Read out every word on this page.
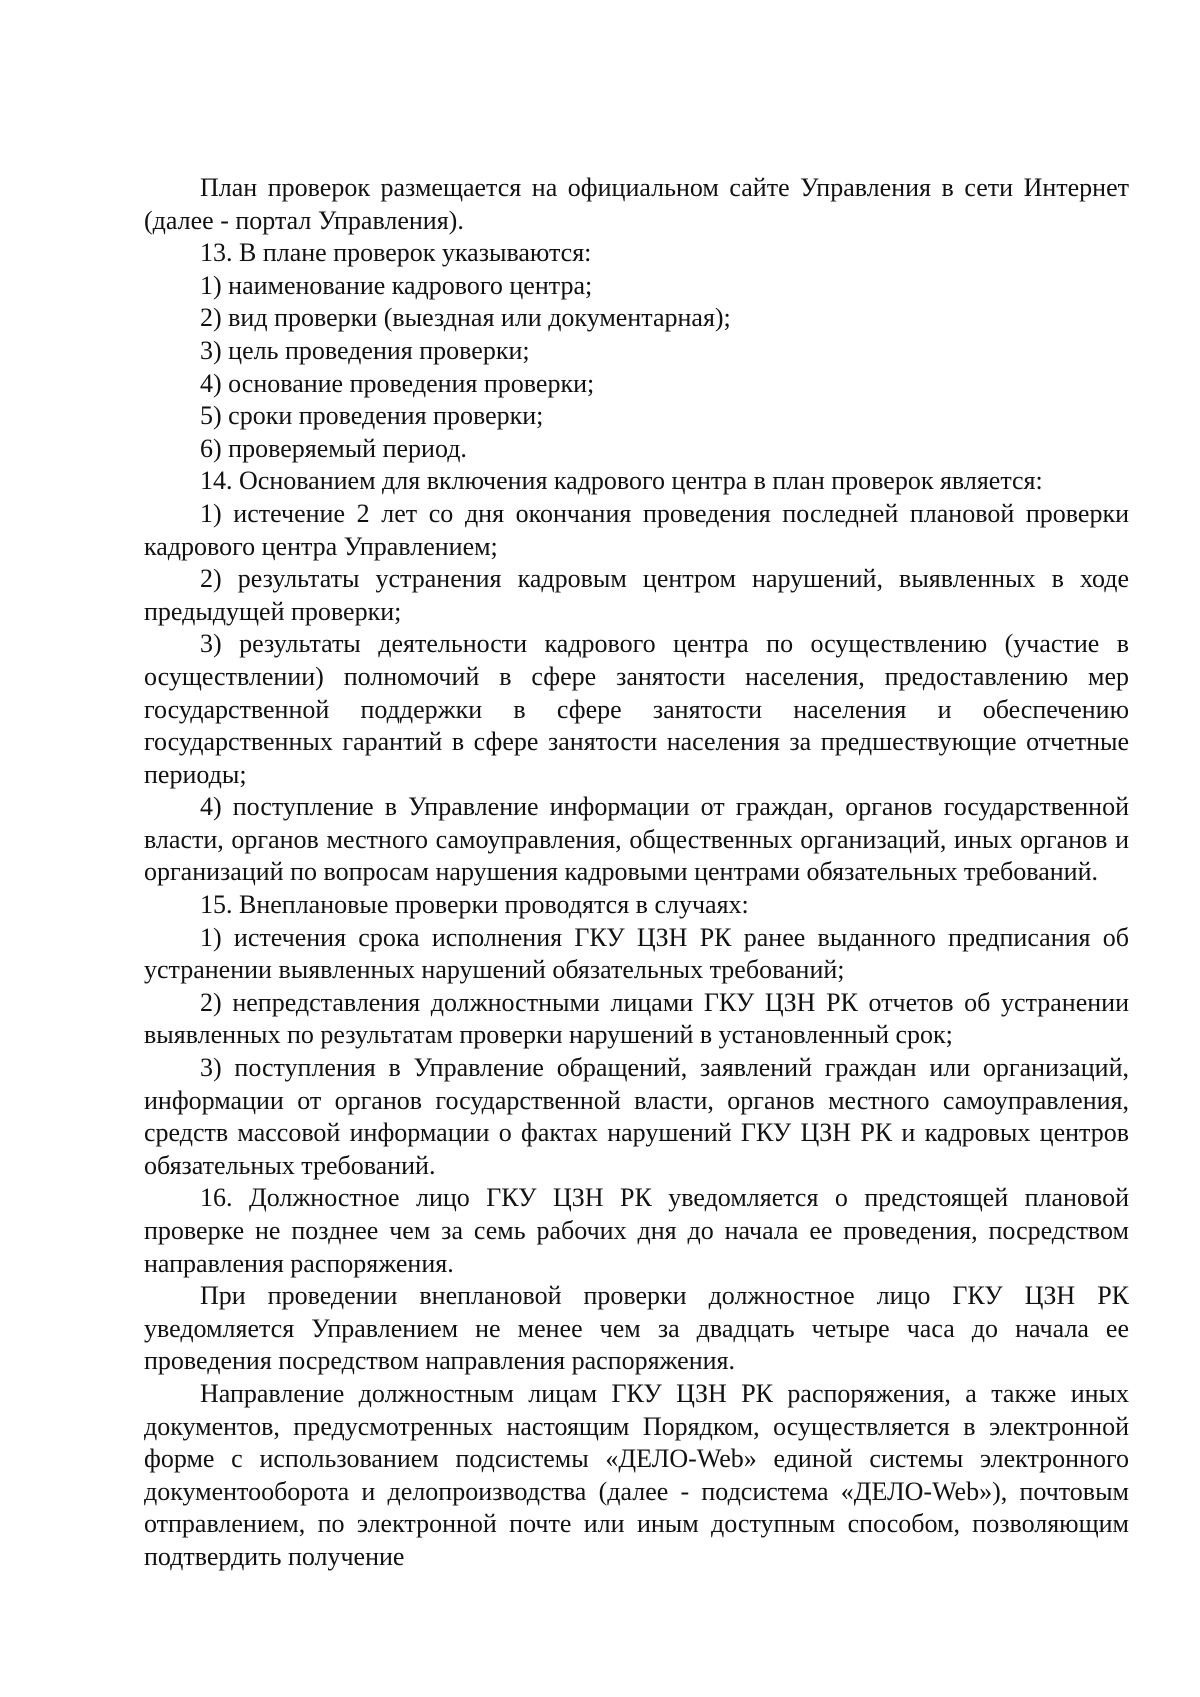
План проверок размещается на официальном сайте Управления в сети Интернет (далее - портал Управления).

13. В плане проверок указываются:

1) наименование кадрового центра;

2) вид проверки (выездная или документарная);

3) цель проведения проверки;

4) основание проведения проверки;

5) сроки проведения проверки;

6) проверяемый период.

14. Основанием для включения кадрового центра в план проверок является:

1) истечение 2 лет со дня окончания проведения последней плановой проверки кадрового центра Управлением;

2) результаты устранения кадровым центром нарушений, выявленных в ходе предыдущей проверки;

3) результаты деятельности кадрового центра по осуществлению (участие в осуществлении) полномочий в сфере занятости населения, предоставлению мер государственной поддержки в сфере занятости населения и обеспечению государственных гарантий в сфере занятости населения за предшествующие отчетные периоды;

4) поступление в Управление информации от граждан, органов государственной власти, органов местного самоуправления, общественных организаций, иных органов и организаций по вопросам нарушения кадровыми центрами обязательных требований.

15. Внеплановые проверки проводятся в случаях:

1) истечения срока исполнения ГКУ ЦЗН РК ранее выданного предписания об устранении выявленных нарушений обязательных требований;

2) непредставления должностными лицами ГКУ ЦЗН РК отчетов об устранении выявленных по результатам проверки нарушений в установленный срок;

3) поступления в Управление обращений, заявлений граждан или организаций, информации от органов государственной власти, органов местного самоуправления, средств массовой информации о фактах нарушений ГКУ ЦЗН РК и кадровых центров обязательных требований.

16. Должностное лицо ГКУ ЦЗН РК уведомляется о предстоящей плановой проверке не позднее чем за семь рабочих дня до начала ее проведения, посредством направления распоряжения.

При проведении внеплановой проверки должностное лицо ГКУ ЦЗН РК уведомляется Управлением не менее чем за двадцать четыре часа до начала ее проведения посредством направления распоряжения.

Направление должностным лицам ГКУ ЦЗН РК распоряжения, а также иных документов, предусмотренных настоящим Порядком, осуществляется в электронной форме с использованием подсистемы «ДЕЛО-Web» единой системы электронного документооборота и делопроизводства (далее - подсистема «ДЕЛО-Web»), почтовым отправлением, по электронной почте или иным доступным способом, позволяющим подтвердить получение
